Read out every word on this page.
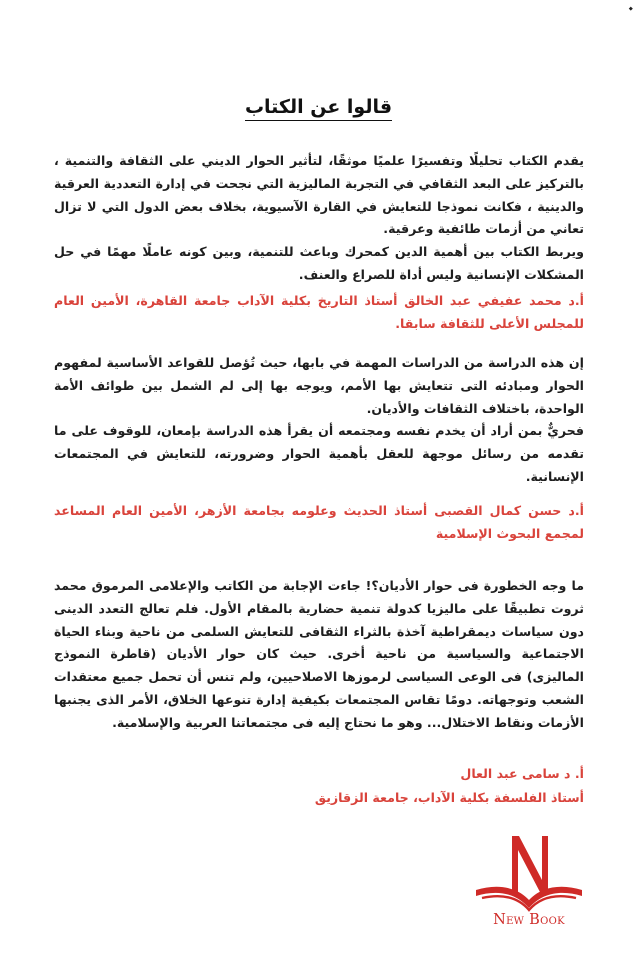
⬩
قالوا عن الكتاب

يقدم الكتاب تحليلًا وتفسيرًا علميًا موثقًا، لتأثير الحوار الديني على الثقافة والتنمية ، بالتركيز على البعد الثقافي في التجربة الماليزية التي نجحت في إدارة التعددية العرقية والدينية ، فكانت نموذجا للتعايش في القارة الآسيوية، بخلاف بعض الدول التي لا تزال تعاني من أزمات طائفية وعرقية.

ويربط الكتاب بين أهمية الدين كمحرك وباعث للتنمية، وبين كونه عاملًا مهمًا في حل المشكلات الإنسانية وليس أداة للصراع والعنف.

أ.د محمد عفيفي عبد الخالق أستاذ التاريخ بكلية الآداب جامعة القاهرة، الأمين العام للمجلس الأعلى للثقافة سابقا.

إن هذه الدراسة من الدراسات المهمة في بابها، حيث تُؤصل للقواعد الأساسية لمفهوم الحوار ومبادئه التى تتعايش بها الأمم، ويوجه بها إلى لم الشمل بين طوائف الأمة الواحدة، باختلاف الثقافات والأديان.

فحريٌّ بمن أراد أن يخدم نفسه ومجتمعه أن يقرأ هذه الدراسة بإمعان، للوقوف على ما تقدمه من رسائل موجهة للعقل بأهمية الحوار وضرورته، للتعايش في المجتمعات الإنسانية.

أ.د حسن كمال القصبى أستاذ الحديث وعلومه بجامعة الأزهر، الأمين العام المساعد لمجمع البحوث الإسلامية

ما وجه الخطورة فى حوار الأديان؟! جاءت الإجابة من الكاتب والإعلامى المرموق محمد ثروت تطبيقًا على ماليزيا كدولة تنمية حضارية بالمقام الأول. فلم تعالج التعدد الدينى دون سياسات ديمقراطية آخذة بالثراء الثقافى للتعايش السلمى من ناحية وبناء الحياة الاجتماعية والسياسية من ناحية أخرى. حيث كان حوار الأديان (قاطرة النموذج الماليزى) فى الوعى السياسى لرموزها الاصلاحيين، ولم تنس أن تحمل جميع معتقدات الشعب وتوجهاته. دومًا تقاس المجتمعات بكيفية إدارة تنوعها الخلاق، الأمر الذى يجنبها الأزمات ونقاط الاختلال... وهو ما نحتاج إليه فى مجتمعاتنا العربية والإسلامية.

أ. د سامى عبد العال
أستاذ الفلسفة بكلية الآداب، جامعة الزقازيق
New Book
